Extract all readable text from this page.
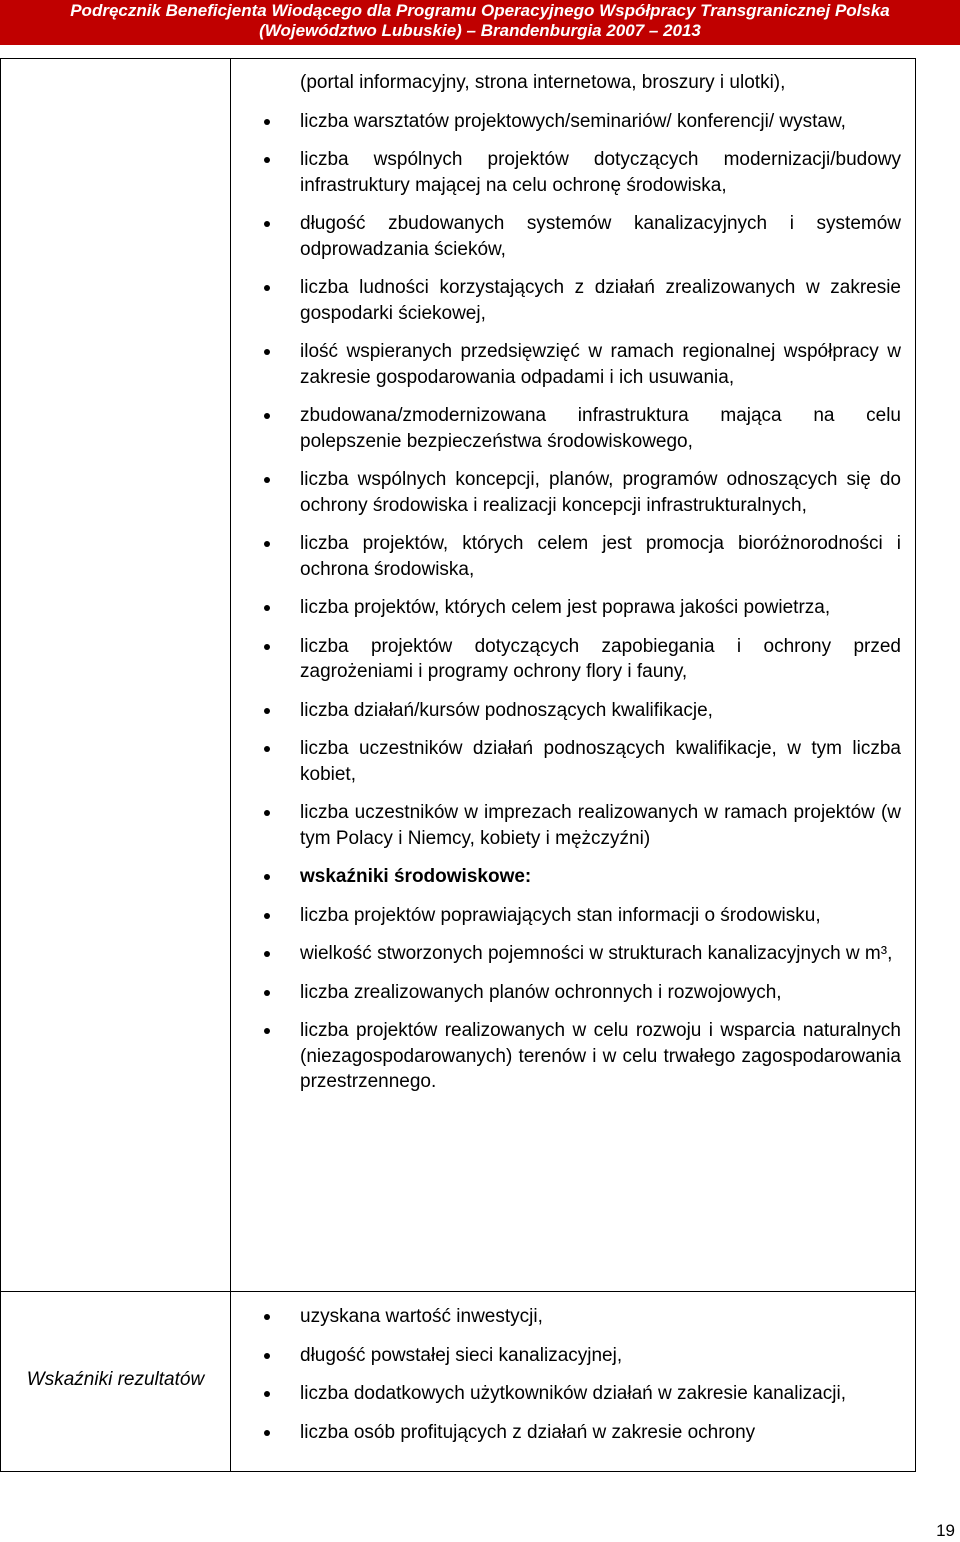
Podręcznik Beneficjenta Wiodącego dla Programu Operacyjnego Współpracy Transgranicznej Polska
(Województwo Lubuskie) – Brandenburgia 2007 – 2013
Wskaźniki rezultatów

(portal informacyjny, strona internetowa, broszury i ulotki),

liczba warsztatów projektowych/seminariów/ konferencji/ wystaw,

liczba wspólnych projektów dotyczących modernizacji/budowy infrastruktury mającej na celu ochronę środowiska,

długość zbudowanych systemów kanalizacyjnych i systemów odprowadzania ścieków,

liczba ludności korzystających z działań zrealizowanych w zakresie gospodarki ściekowej,

ilość wspieranych przedsięwzięć w ramach regionalnej współpracy w zakresie gospodarowania odpadami i ich usuwania,

zbudowana/zmodernizowana infrastruktura mająca na celu polepszenie bezpieczeństwa środowiskowego,

liczba wspólnych koncepcji, planów, programów odnoszących się do ochrony środowiska i realizacji koncepcji infrastrukturalnych,

liczba projektów, których celem jest promocja bioróżnorodności i ochrona środowiska,

liczba projektów, których celem jest poprawa jakości powietrza,

liczba projektów dotyczących zapobiegania i ochrony przed zagrożeniami i programy ochrony flory i fauny,

liczba działań/kursów podnoszących kwalifikacje,

liczba uczestników działań podnoszących kwalifikacje, w tym liczba kobiet,

liczba uczestników w imprezach realizowanych w ramach projektów (w tym Polacy i Niemcy, kobiety i mężczyźni)

wskaźniki środowiskowe:

liczba projektów poprawiających stan informacji o środowisku,

wielkość stworzonych pojemności w strukturach kanalizacyjnych w m³,

liczba zrealizowanych planów ochronnych i rozwojowych,

liczba projektów realizowanych w celu rozwoju i wsparcia naturalnych (niezagospodarowanych) terenów i w celu trwałego zagospodarowania przestrzennego.

uzyskana wartość inwestycji,

długość powstałej sieci kanalizacyjnej,

liczba dodatkowych użytkowników działań w zakresie kanalizacji,

liczba osób profitujących z działań w zakresie ochrony

19
